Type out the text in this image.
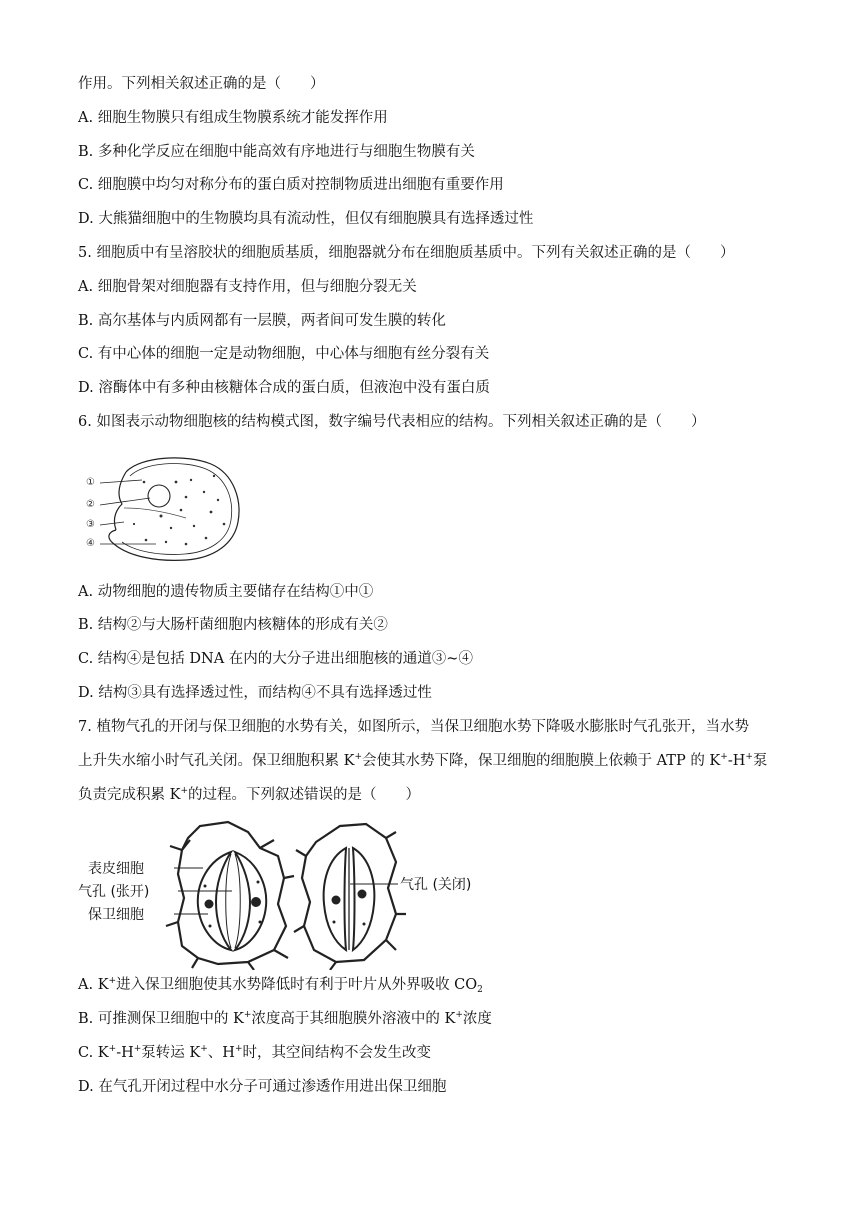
作用。下列相关叙述正确的是（　　）
A. 细胞生物膜只有组成生物膜系统才能发挥作用
B. 多种化学反应在细胞中能高效有序地进行与细胞生物膜有关
C. 细胞膜中均匀对称分布的蛋白质对控制物质进出细胞有重要作用
D. 大熊猫细胞中的生物膜均具有流动性，但仅有细胞膜具有选择透过性
5. 细胞质中有呈溶胶状的细胞质基质，细胞器就分布在细胞质基质中。下列有关叙述正确的是（　　）
A. 细胞骨架对细胞器有支持作用，但与细胞分裂无关
B. 高尔基体与内质网都有一层膜，两者间可发生膜的转化
C. 有中心体的细胞一定是动物细胞，中心体与细胞有丝分裂有关
D. 溶酶体中有多种由核糖体合成的蛋白质，但液泡中没有蛋白质
6. 如图表示动物细胞核的结构模式图，数字编号代表相应的结构。下列相关叙述正确的是（　　）
①
②
③
④
A. 动物细胞的遗传物质主要储存在结构①中①
B. 结构②与大肠杆菌细胞内核糖体的形成有关②
C. 结构④是包括 DNA 在内的大分子进出细胞核的通道③~④
D. 结构③具有选择透过性，而结构④不具有选择透过性
7. 植物气孔的开闭与保卫细胞的水势有关，如图所示，当保卫细胞水势下降吸水膨胀时气孔张开，当水势
上升失水缩小时气孔关闭。保卫细胞积累 K+会使其水势下降，保卫细胞的细胞膜上依赖于 ATP 的 K+-H+泵
负责完成积累 K+的过程。下列叙述错误的是（　　）
表皮细胞
气孔 (张开)
保卫细胞
气孔 (关闭)
A. K+进入保卫细胞使其水势降低时有利于叶片从外界吸收 $CO_2$
B. 可推测保卫细胞中的 K+浓度高于其细胞膜外溶液中的 K+浓度
C. K+-H+泵转运 K+、H+时，其空间结构不会发生改变
D. 在气孔开闭过程中水分子可通过渗透作用进出保卫细胞
